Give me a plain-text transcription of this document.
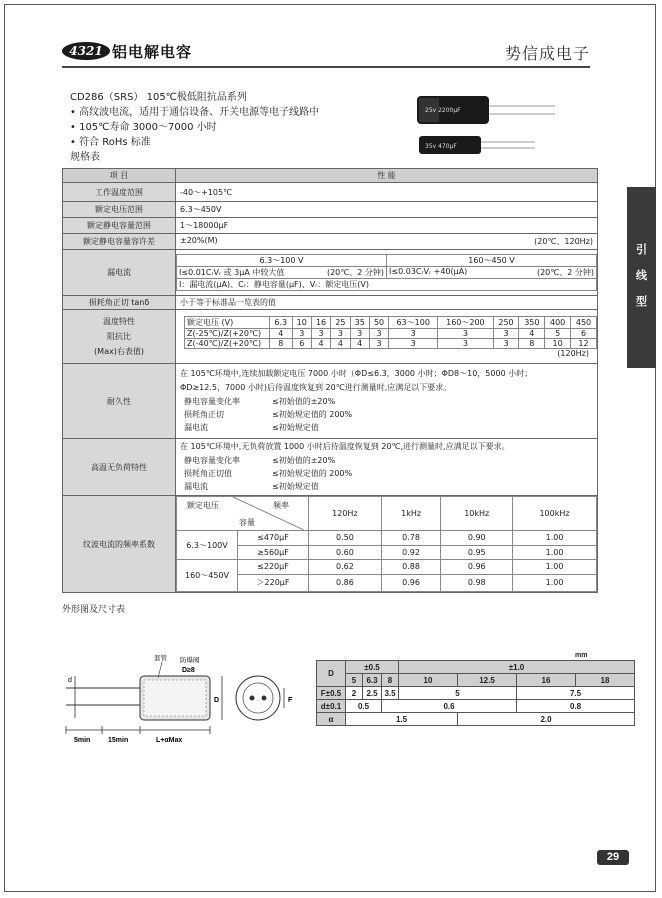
4321 铝电解电容	势信成电子
CD286（SRS） 105℃极低阻抗品系列
• 高纹波电流，适用于通信设备、开关电源等电子线路中
• 105℃寿命 3000～7000 小时
• 符合 RoHs 标准
规格表
25v 2200μF
35v 470μF
引
线
型
项 目	性 能
工作温度范围	-40～+105℃
额定电压范围	6.3～450V
额定静电容量范围	1～18000μF
额定静电容量容许差	±20%(M)	(20℃、120Hz)

漏电流	
6.3～100 V	160～450 V
I≤0.01CᵣVᵣ 或 3μA 中较大值	(20℃、2 分钟)	I≤0.03CᵣVᵣ +40(μA)	(20℃、2 分钟)

I：漏电流(μA)、Cᵣ：静电容量(μF)、Vᵣ：额定电压(V)

损耗角正切 tanδ	小于等于标准品一览表的值

温度特性
阻抗比
(Max)右表值)

额定电压 (V)	6.3	10	16	25	35	50	63～100	160～200	250	350	400	450
Z(-25℃)/Z(+20℃)	4	3	3	3	3	3	3	3	3	4	5	6
Z(-40℃)/Z(+20℃)	8	6	4	4	4	3	3	3	3	8	10	12
(120Hz)

耐久性	
在 105℃环境中,连续加载额定电压 7000 小时（ΦD≤6.3，3000 小时；ΦD8～10，5000 小时；
ΦD≥12.5，7000 小时)后待温度恢复到 20℃进行测量时,应满足以下要求。
静电容量变化率	≤初始值的±20%
损耗角正切	≤初始规定值的 200%
漏电流	≤初始规定值

高温无负荷特性	
在 105℃环境中,无负荷放置 1000 小时后待温度恢复到 20℃,进行测量时,应满足以下要求。
静电容量变化率	≤初始值的±20%
损耗角正切值	≤初始规定值的 200%
漏电流	≤初始规定值

纹波电流的频率系数	
额定电压	频率
容量
	120Hz	1kHz	10kHz	100kHz
6.3～100V	≤470μF	0.50	0.78	0.90	1.00
≥560μF	0.60	0.92	0.95	1.00
160～450V	≤220μF	0.62	0.88	0.96	1.00
＞220μF	0.86	0.96	0.98	1.00
外形图及尺寸表
d
套管 防爆阀
D≥8
D
5min	15min	L+αMax
F
mm
D	±0.5			±1.0			
	5	6.3	8	10	12.5	16	18
F±0.5	2	2.5	3.5	5		7.5	
d±0.1	0.5		0.6			0.8	
α	1.5				2.0		
29
